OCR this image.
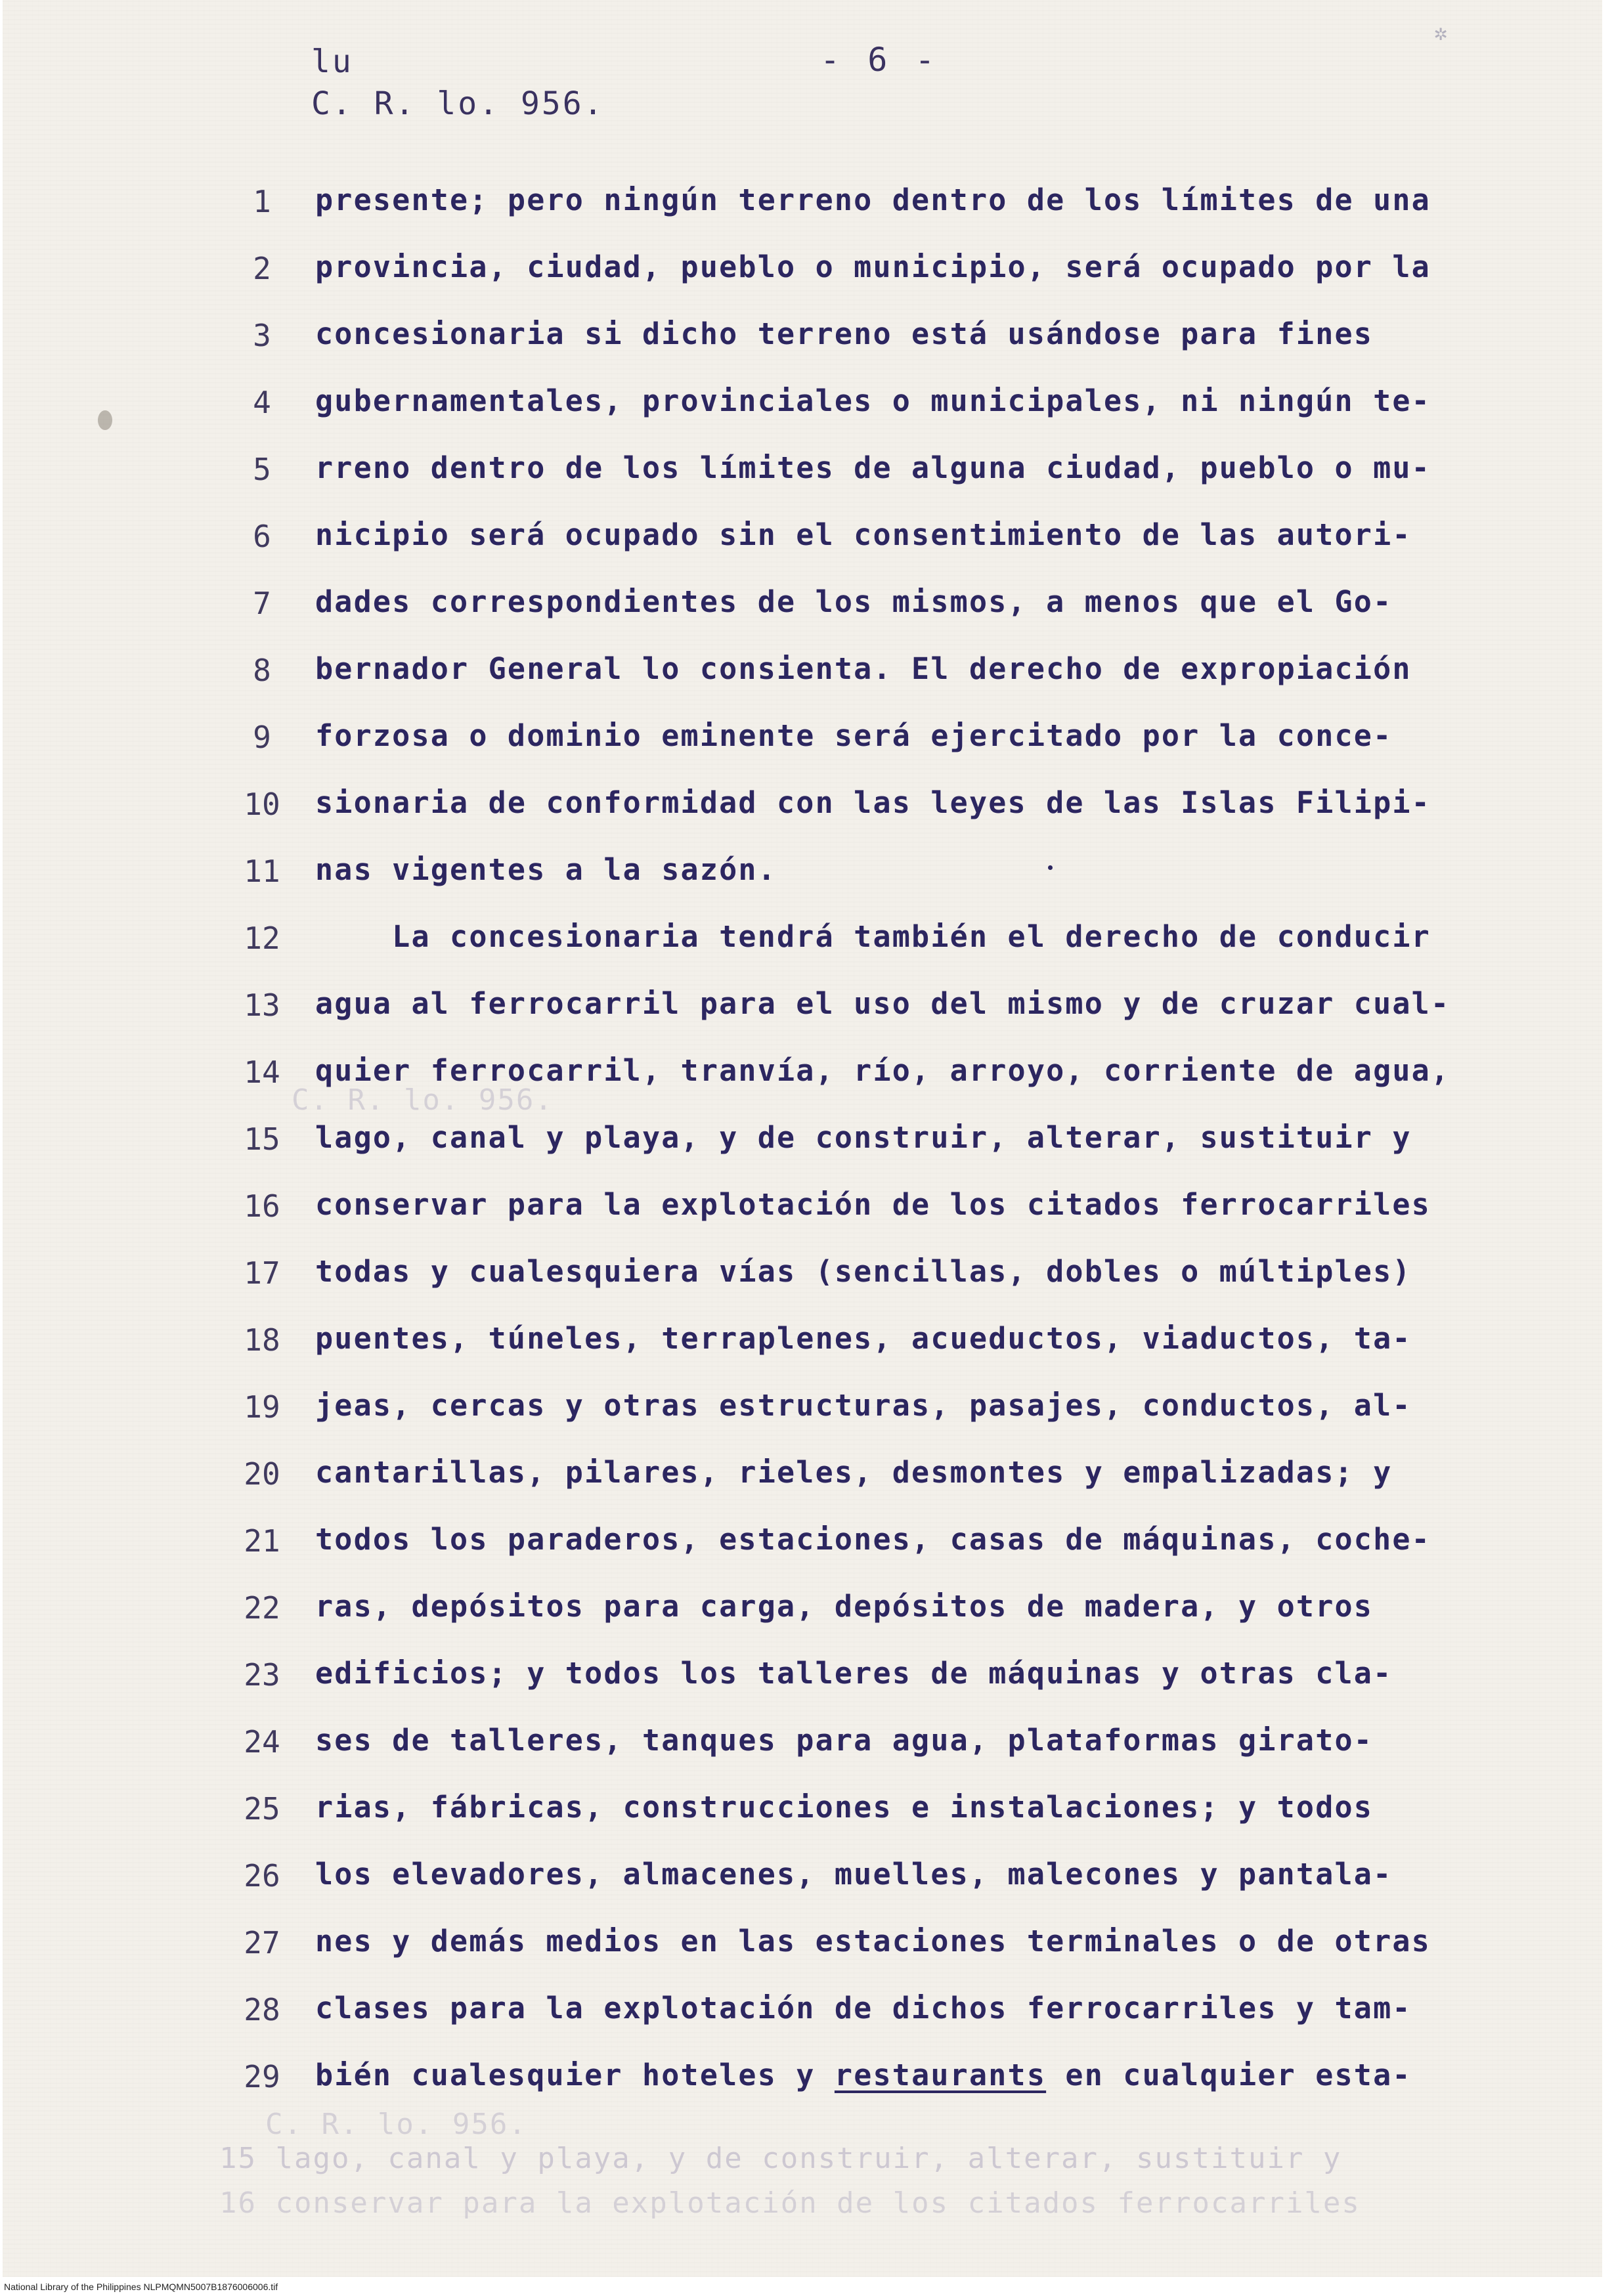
✲
lu
C. R. lo. 956.
- 6 -
C. R. lo. 956.
C. R. lo. 956.
15 lago, canal y playa, y de construir, alterar, sustituir y
16 conservar para la explotación de los citados ferrocarriles
1	presente; pero ningún terreno dentro de los límites de una
2	provincia, ciudad, pueblo o municipio, será ocupado por la
3	concesionaria si dicho terreno está usándose para fines
4	gubernamentales, provinciales o municipales, ni ningún te-
5	rreno dentro de los límites de alguna ciudad, pueblo o mu-
6	nicipio será ocupado sin el consentimiento de las autori-
7	dades correspondientes de los mismos, a menos que el Go-
8	bernador General lo consienta. El derecho de expropiación
9	forzosa o dominio eminente será ejercitado por la conce-
10	sionaria de conformidad con las leyes de las Islas Filipi-
11	nas vigentes a la sazón.
12	La concesionaria tendrá también el derecho de conducir
13	agua al ferrocarril para el uso del mismo y de cruzar cual-
14	quier ferrocarril, tranvía, río, arroyo, corriente de agua,
15	lago, canal y playa, y de construir, alterar, sustituir y
16	conservar para la explotación de los citados ferrocarriles
17	todas y cualesquiera vías (sencillas, dobles o múltiples)
18	puentes, túneles, terraplenes, acueductos, viaductos, ta-
19	jeas, cercas y otras estructuras, pasajes, conductos, al-
20	cantarillas, pilares, rieles, desmontes y empalizadas; y
21	todos los paraderos, estaciones, casas de máquinas, coche-
22	ras, depósitos para carga, depósitos de madera, y otros
23	edificios; y todos los talleres de máquinas y otras cla-
24	ses de talleres, tanques para agua, plataformas girato-
25	rias, fábricas, construcciones e instalaciones; y todos
26	los elevadores, almacenes, muelles, malecones y pantala-
27	nes y demás medios en las estaciones terminales o de otras
28	clases para la explotación de dichos ferrocarriles y tam-
29	bién cualesquier hoteles y restaurants en cualquier esta-
National Library of the Philippines NLPMQMN5007B1876006006.tif
